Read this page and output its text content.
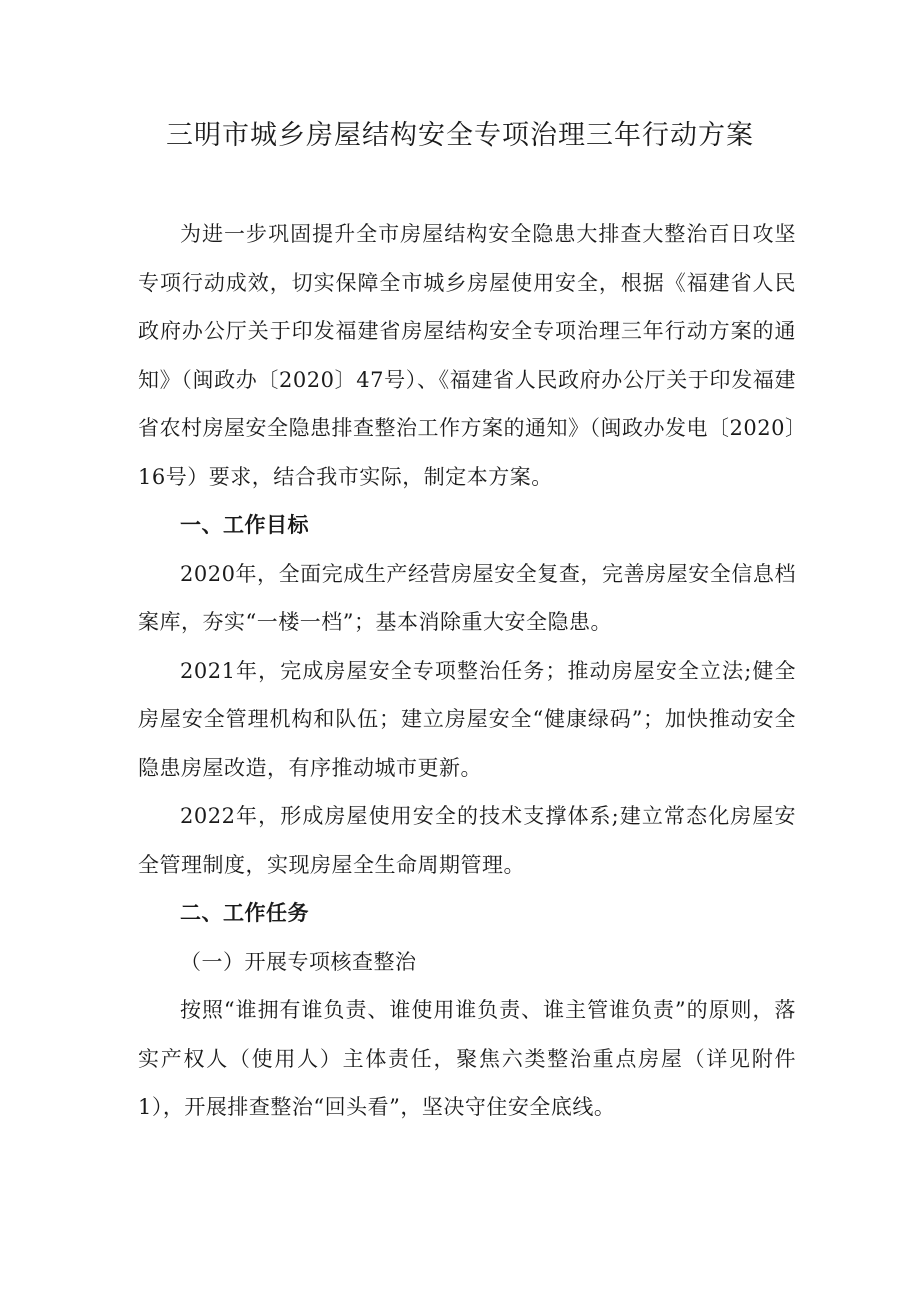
三明市城乡房屋结构安全专项治理三年行动方案

为进一步巩固提升全市房屋结构安全隐患大排查大整治百日攻坚专项行动成效，切实保障全市城乡房屋使用安全，根据《福建省人民政府办公厅关于印发福建省房屋结构安全专项治理三年行动方案的通知》（闽政办〔2020〕47号）、《福建省人民政府办公厅关于印发福建省农村房屋安全隐患排查整治工作方案的通知》（闽政办发电〔2020〕16号）要求，结合我市实际，制定本方案。

一、工作目标

2020年，全面完成生产经营房屋安全复查，完善房屋安全信息档案库，夯实“一楼一档”；基本消除重大安全隐患。

2021年，完成房屋安全专项整治任务；推动房屋安全立法;健全房屋安全管理机构和队伍；建立房屋安全“健康绿码”；加快推动安全隐患房屋改造，有序推动城市更新。

2022年，形成房屋使用安全的技术支撑体系;建立常态化房屋安全管理制度，实现房屋全生命周期管理。

二、工作任务

（一）开展专项核查整治

按照“谁拥有谁负责、谁使用谁负责、谁主管谁负责”的原则，落实产权人（使用人）主体责任，聚焦六类整治重点房屋（详见附件1），开展排查整治“回头看”，坚决守住安全底线。
